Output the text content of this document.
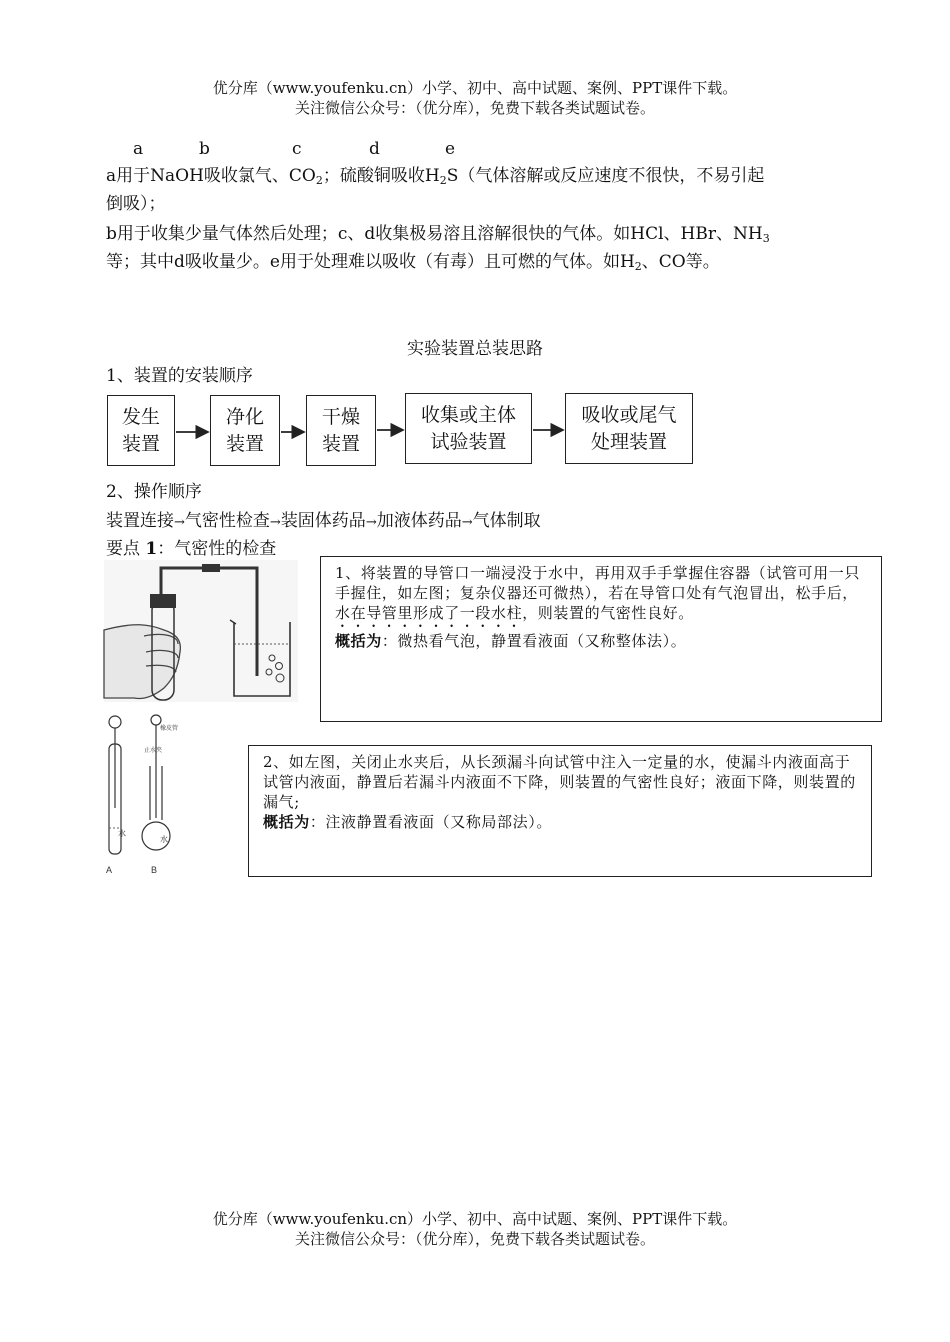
优分库（www.youfenku.cn）小学、初中、高中试题、案例、PPT课件下载。
关注微信公众号：（优分库），免费下载各类试题试卷。
a	b	c	d	e
a用于NaOH吸收氯气、$CO_2$；硫酸铜吸收$H_2S$（气体溶解或反应速度不很快，不易引起
倒吸）；
b用于收集少量气体然后处理；c、d收集极易溶且溶解很快的气体。如HCl、HBr、$NH_3$
等；其中d吸收量少。e用于处理难以吸收（有毒）且可燃的气体。如$H_2$、CO等。
实验装置总装思路
1、装置的安装顺序
发生
装置
净化
装置
干燥
装置
收集或主体
试验装置
吸收或尾气
处理装置
2、操作顺序
装置连接→气密性检查→装固体药品→加液体药品→气体制取
要点 1：气密性的检查
A
水
B
水
橡皮管
止水夹
1、将装置的导管口一端浸没于水中，再用双手手掌握住容器（试管可用一只手握住，如左图；复杂仪器还可微热），若在导管口处有气泡冒出，松手后，水在导管里形成了一段水柱，则装置的气密性良好。
概括为：微热看气泡，静置看液面（又称整体法）。
2、如左图，关闭止水夹后，从长颈漏斗向试管中注入一定量的水，使漏斗内液面高于试管内液面，静置后若漏斗内液面不下降，则装置的气密性良好；液面下降，则装置的漏气;
概括为：注液静置看液面（又称局部法）。
优分库（www.youfenku.cn）小学、初中、高中试题、案例、PPT课件下载。
关注微信公众号：（优分库），免费下载各类试题试卷。
